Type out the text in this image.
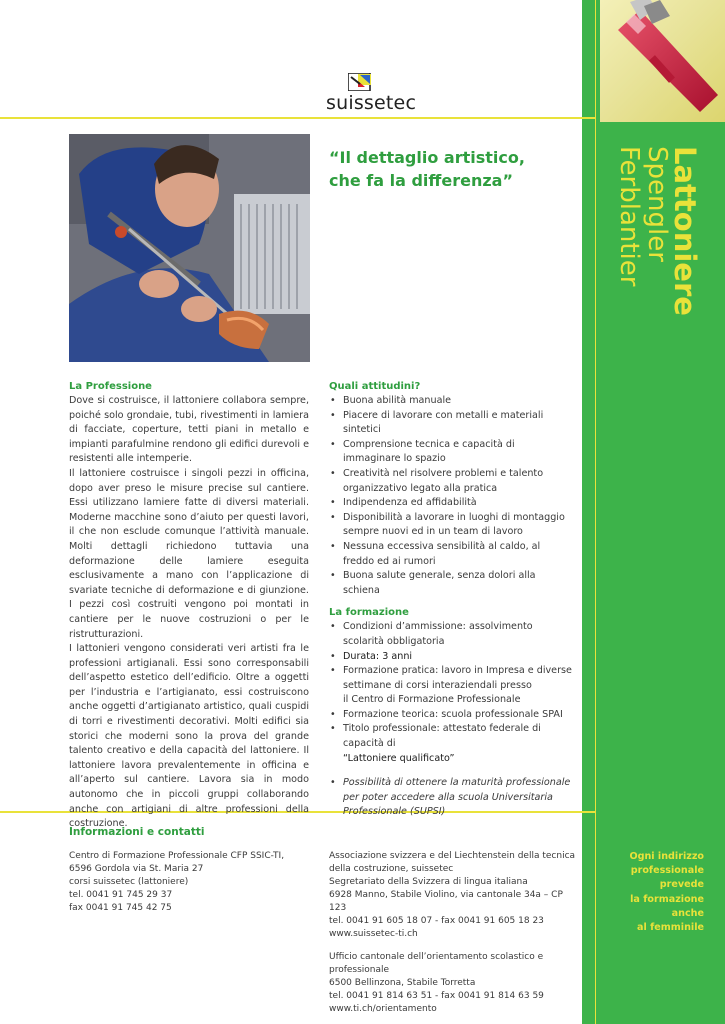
Lattoniere
Spengler
Ferblantier
suissetec
“Il dettaglio artistico,
che fa la differenza”
La Professione
Dove si costruisce, il lattoniere collabora sempre, poiché solo grondaie, tubi, rivestimenti in lamiera di facciate, coperture, tetti piani in metallo e impianti parafulmine rendono gli edifici durevoli e resistenti alle intemperie.
Il lattoniere costruisce i singoli pezzi in officina, dopo aver preso le misure precise sul cantiere. Essi utilizzano lamiere fatte di diversi materiali. Moderne macchine sono d’aiuto per questi lavori, il che non esclude comunque l’attività manuale. Molti dettagli richiedono tuttavia una deformazione delle lamiere eseguita esclusivamente a mano con l’applicazione di svariate tecniche di deformazione e di giunzione. I pezzi così costruiti vengono poi montati in cantiere per le nuove costruzioni o per le ristrutturazioni.
I lattonieri vengono considerati veri artisti fra le professioni artigianali. Essi sono corresponsabili dell’aspetto estetico dell’edificio. Oltre a oggetti per l’industria e l’artigianato, essi costruiscono anche oggetti d’artigianato artistico, quali cuspidi di torri e rivestimenti decorativi. Molti edifici sia storici che moderni sono la prova del grande talento creativo e della capacità del lattoniere. Il lattoniere lavora prevalentemente in officina e all’aperto sul cantiere. Lavora sia in modo autonomo che in piccoli gruppi collaborando anche con artigiani di altre professioni della costruzione.
Quali attitudini?
• Buona abilità manuale
• Piacere di lavorare con metalli e materiali sintetici
• Comprensione tecnica e capacità di immaginare lo spazio
• Creatività nel risolvere problemi e talento organizzativo legato alla pratica
• Indipendenza ed affidabilità
• Disponibilità a lavorare in luoghi di montaggio sempre nuovi ed in un team di lavoro
• Nessuna eccessiva sensibilità al caldo, al freddo ed ai rumori
• Buona salute generale, senza dolori alla schiena
La formazione
• Condizioni d’ammissione: assolvimento scolarità obbligatoria
• Durata: 3 anni
• Formazione pratica: lavoro in Impresa e diverse settimane di corsi interaziendali presso
il Centro di Formazione Professionale
• Formazione teorica: scuola professionale SPAI
• Titolo professionale: attestato federale di capacità di
“Lattoniere qualificato”
• Possibilità di ottenere la maturità professionale per poter accedere alla scuola Universitaria Professionale (SUPSI)
Informazioni e contatti
Centro di Formazione Professionale CFP SSIC-TI,
6596 Gordola via St. Maria 27
corsi suissetec (lattoniere)
tel. 0041 91 745 29 37
fax 0041 91 745 42 75
Associazione svizzera e del Liechtenstein della tecnica della costruzione, suissetec
Segretariato della Svizzera di lingua italiana
6928 Manno, Stabile Violino, via cantonale 34a – CP 123
tel. 0041 91 605 18 07 - fax 0041 91 605 18 23
www.suissetec-ti.ch
Ufficio cantonale dell’orientamento scolastico e professionale
6500 Bellinzona, Stabile Torretta
tel. 0041 91 814 63 51 - fax 0041 91 814 63 59
www.ti.ch/orientamento
Ogni indirizzo
professionale
prevede
la formazione
anche
al femminile
